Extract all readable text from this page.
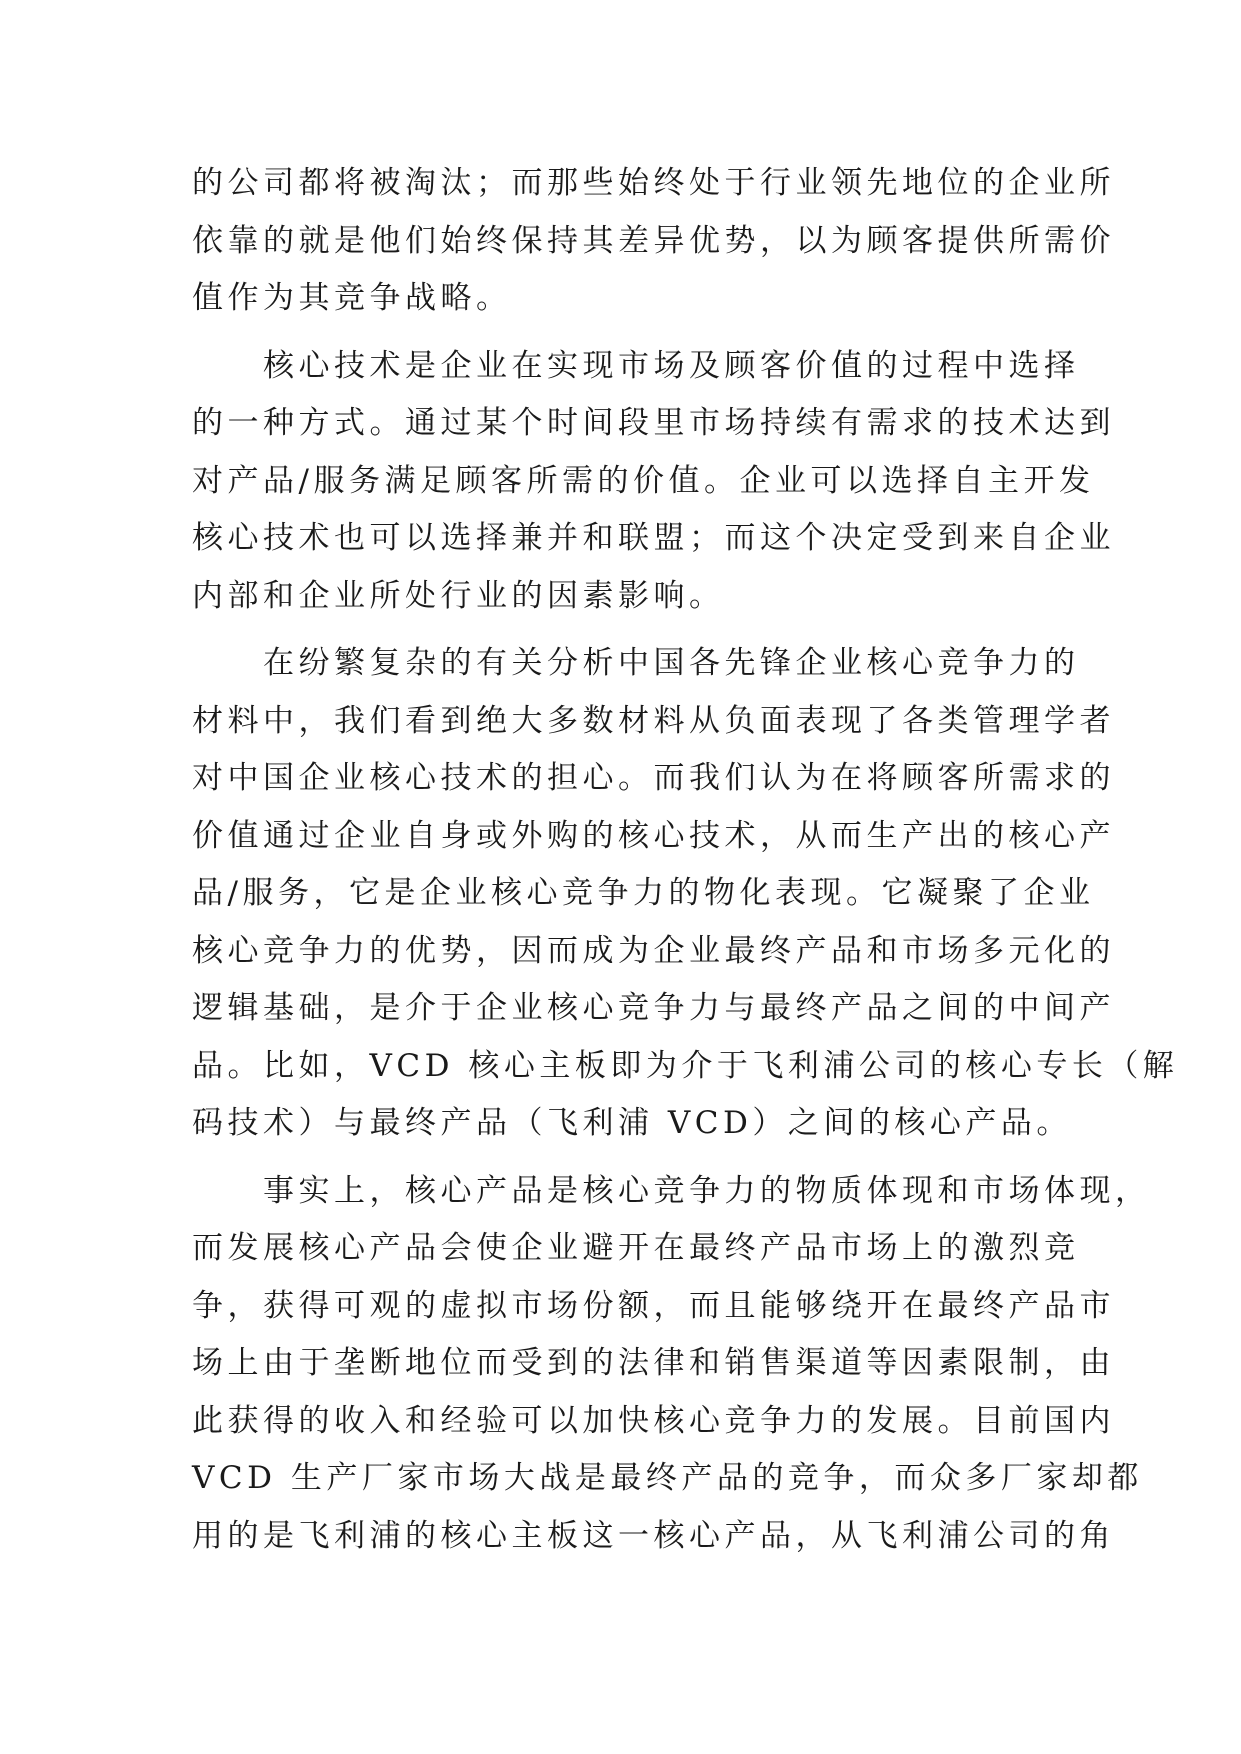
的公司都将被淘汰；而那些始终处于行业领先地位的企业所
依靠的就是他们始终保持其差异优势，以为顾客提供所需价
值作为其竞争战略。
核心技术是企业在实现市场及顾客价值的过程中选择
的一种方式。通过某个时间段里市场持续有需求的技术达到
对产品/服务满足顾客所需的价值。企业可以选择自主开发
核心技术也可以选择兼并和联盟；而这个决定受到来自企业
内部和企业所处行业的因素影响。
在纷繁复杂的有关分析中国各先锋企业核心竞争力的
材料中，我们看到绝大多数材料从负面表现了各类管理学者
对中国企业核心技术的担心。而我们认为在将顾客所需求的
价值通过企业自身或外购的核心技术，从而生产出的核心产
品/服务，它是企业核心竞争力的物化表现。它凝聚了企业
核心竞争力的优势，因而成为企业最终产品和市场多元化的
逻辑基础，是介于企业核心竞争力与最终产品之间的中间产
品。比如，VCD 核心主板即为介于飞利浦公司的核心专长（解
码技术）与最终产品（飞利浦 VCD）之间的核心产品。
事实上，核心产品是核心竞争力的物质体现和市场体现，
而发展核心产品会使企业避开在最终产品市场上的激烈竞
争，获得可观的虚拟市场份额，而且能够绕开在最终产品市
场上由于垄断地位而受到的法律和销售渠道等因素限制，由
此获得的收入和经验可以加快核心竞争力的发展。目前国内
VCD 生产厂家市场大战是最终产品的竞争，而众多厂家却都
用的是飞利浦的核心主板这一核心产品，从飞利浦公司的角
